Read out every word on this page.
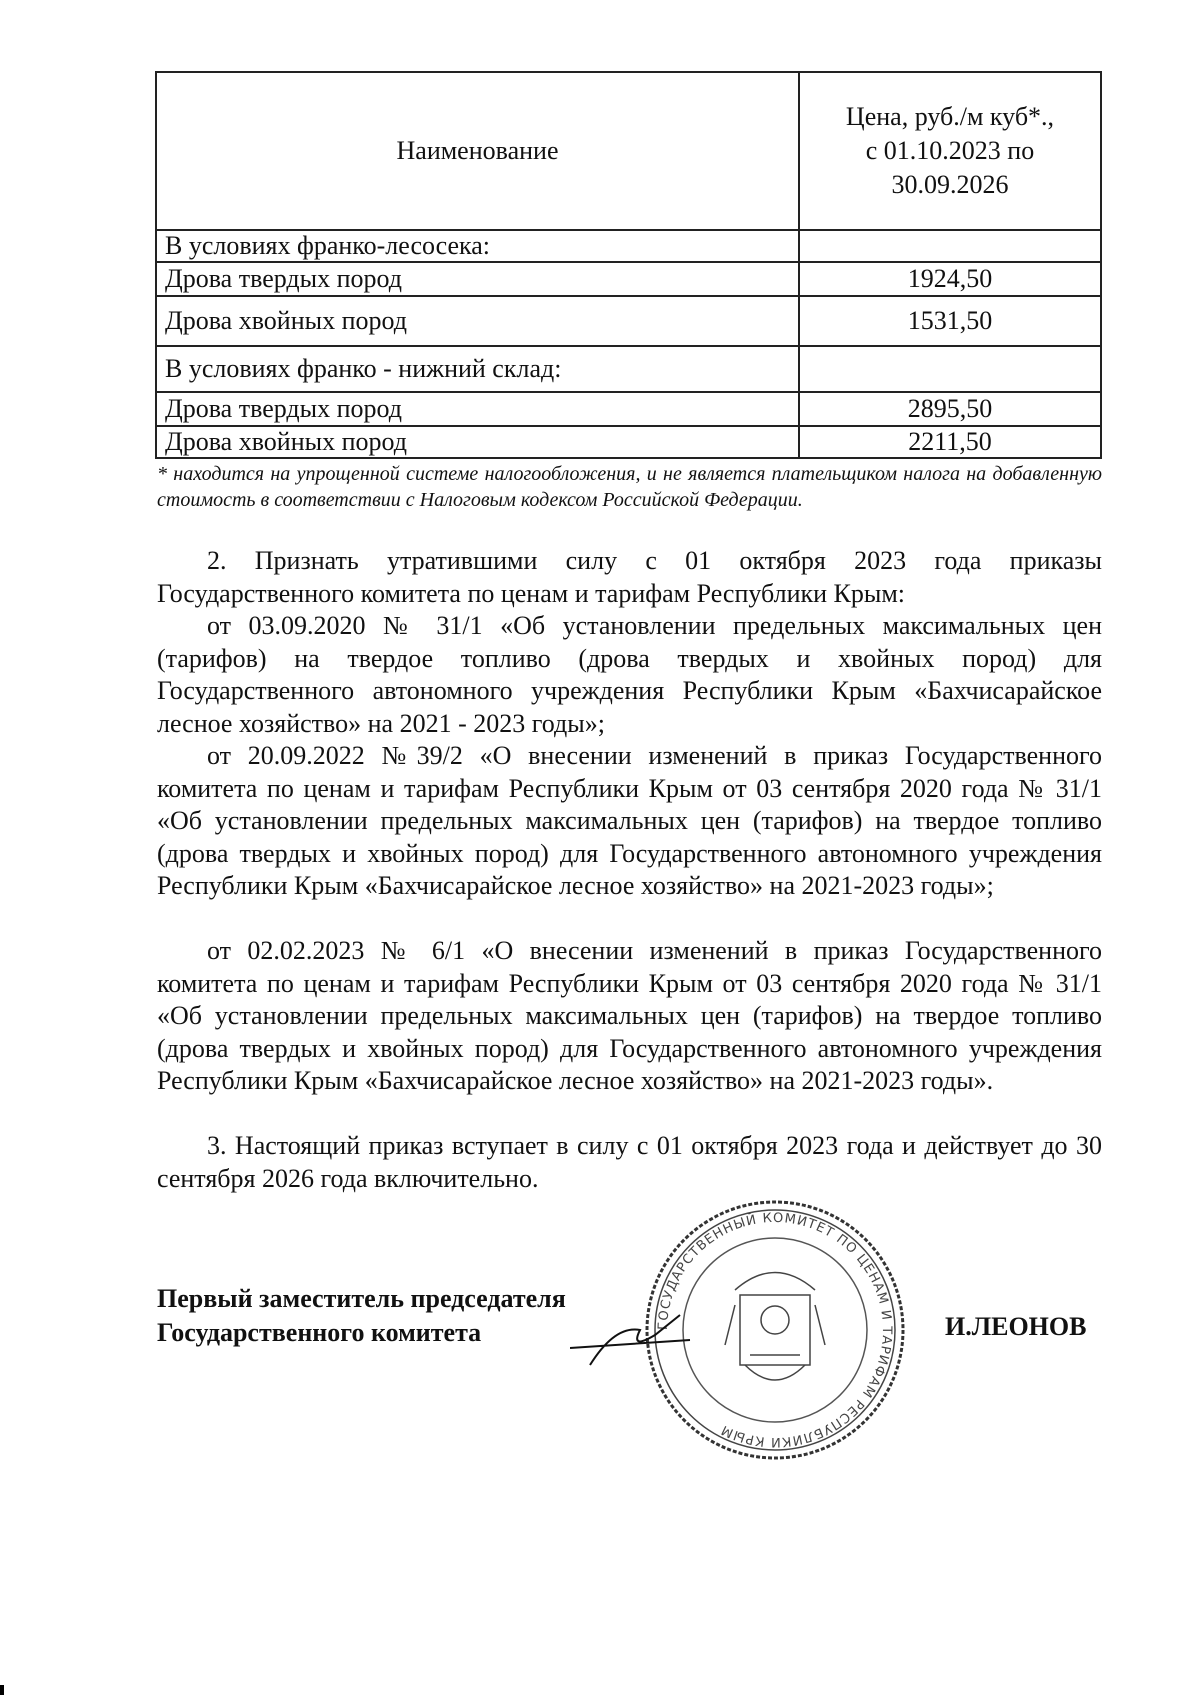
Наименование	Цена, руб./м куб*.,
с 01.10.2023 по
30.09.2026
В условиях франко-лесосека:	
Дрова твердых пород	1924,50
Дрова хвойных пород	1531,50
В условиях франко - нижний склад:	
Дрова твердых пород	2895,50
Дрова хвойных пород	2211,50
* находится на упрощенной системе налогообложения, и не является плательщиком налога на добавленную стоимость в соответствии с Налоговым кодексом Российской Федерации.
2. Признать утратившими силу с 01 октября 2023 года приказы Государственного комитета по ценам и тарифам Республики Крым:
от 03.09.2020 № 31/1 «Об установлении предельных максимальных цен (тарифов) на твердое топливо (дрова твердых и хвойных пород) для Государственного автономного учреждения Республики Крым «Бахчисарайское лесное хозяйство» на 2021 - 2023 годы»;
от 20.09.2022 №39/2 «О внесении изменений в приказ Государственного комитета по ценам и тарифам Республики Крым от 03 сентября 2020 года № 31/1 «Об установлении предельных максимальных цен (тарифов) на твердое топливо (дрова твердых и хвойных пород) для Государственного автономного учреждения Республики Крым «Бахчисарайское лесное хозяйство» на 2021-2023 годы»;
от 02.02.2023 № 6/1 «О внесении изменений в приказ Государственного комитета по ценам и тарифам Республики Крым от 03 сентября 2020 года № 31/1 «Об установлении предельных максимальных цен (тарифов) на твердое топливо (дрова твердых и хвойных пород) для Государственного автономного учреждения Республики Крым «Бахчисарайское лесное хозяйство» на 2021-2023 годы».
3. Настоящий приказ вступает в силу с 01 октября 2023 года и действует до 30 сентября 2026 года включительно.
Первый заместитель председателя
Государственного комитета	И.ЛЕОНОВ
ГОСУДАРСТВЕННЫЙ КОМИТЕТ ПО ЦЕНАМ И ТАРИФАМ РЕСПУБЛИКИ КРЫМ
